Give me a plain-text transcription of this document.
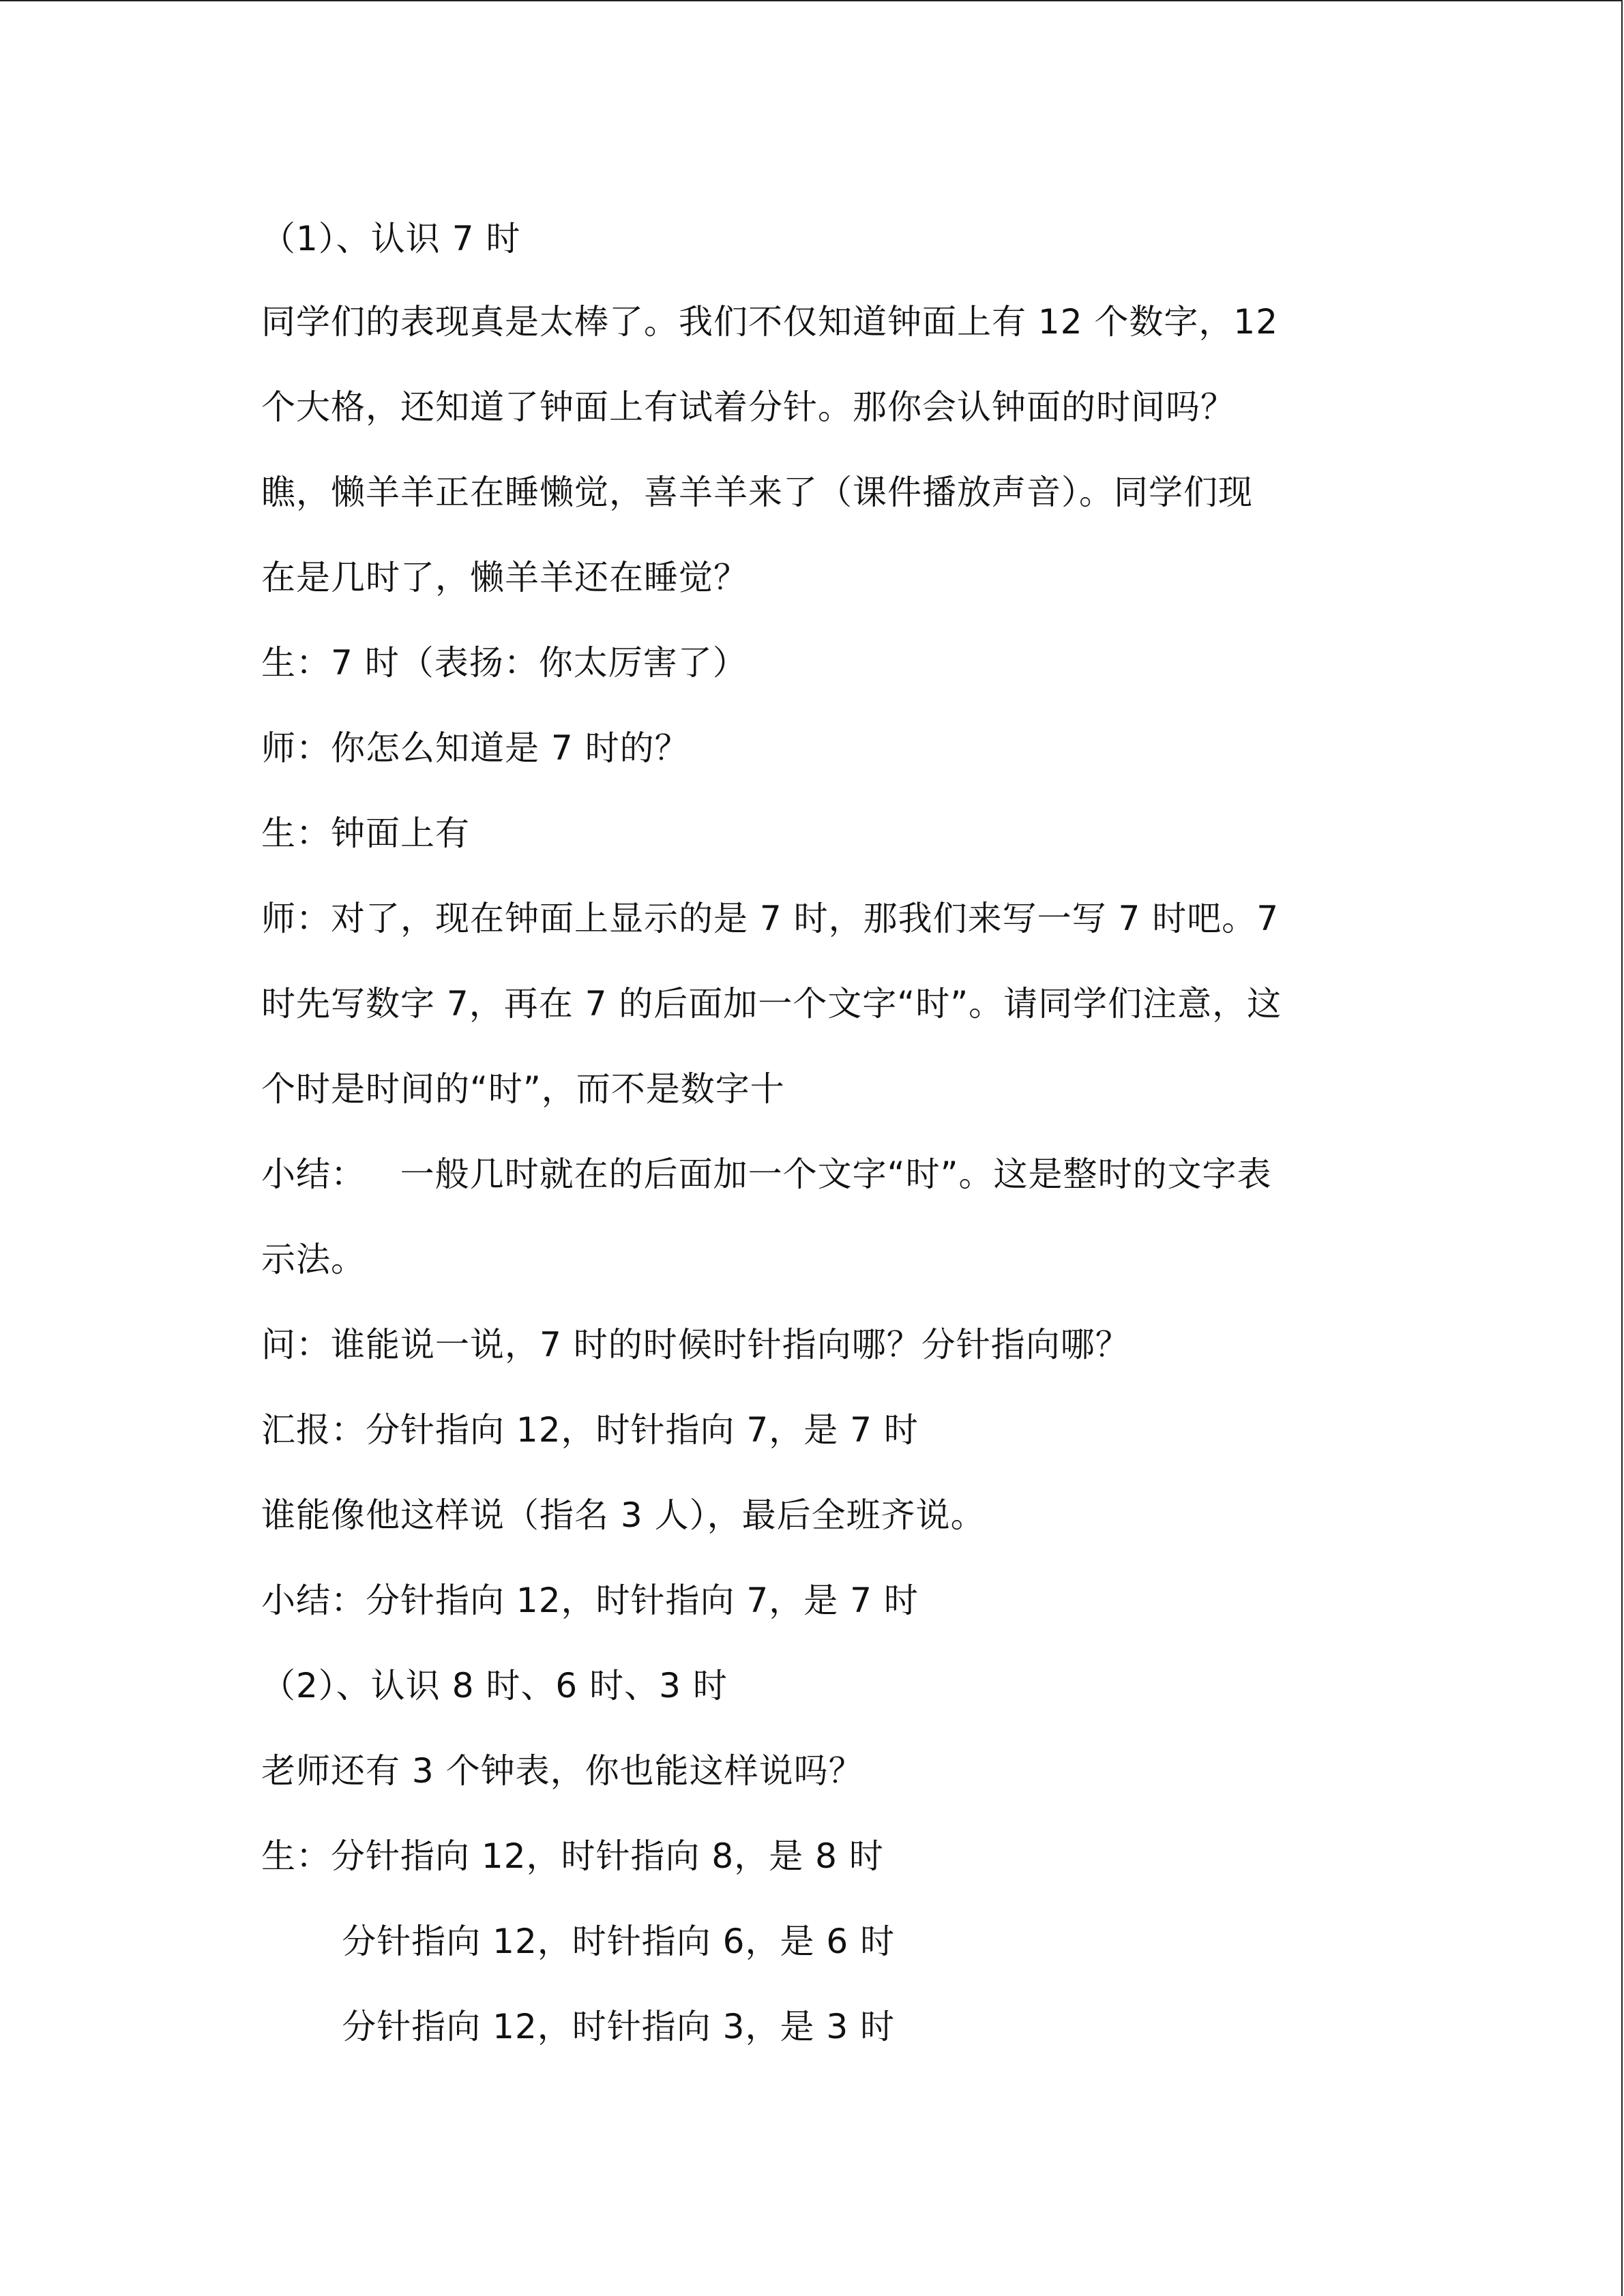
（1）、认识 7 时
同学们的表现真是太棒了。我们不仅知道钟面上有 12 个数字，12
个大格，还知道了钟面上有试着分针。那你会认钟面的时间吗？
瞧，懒羊羊正在睡懒觉，喜羊羊来了（课件播放声音）。同学们现
在是几时了，懒羊羊还在睡觉？
生：7 时（表扬：你太厉害了）
师：你怎么知道是 7 时的？
生：钟面上有
师：对了，现在钟面上显示的是 7 时，那我们来写一写 7 时吧。7
时先写数字 7，再在 7 的后面加一个文字“时”。请同学们注意，这
个时是时间的“时”，而不是数字十
小结：   一般几时就在的后面加一个文字“时”。这是整时的文字表
示法。
问：谁能说一说，7 时的时候时针指向哪？分针指向哪？
汇报：分针指向 12，时针指向 7，是 7 时
谁能像他这样说（指名 3 人），最后全班齐说。
小结：分针指向 12，时针指向 7，是 7 时
（2）、认识 8 时、6 时、3 时
老师还有 3 个钟表，你也能这样说吗？
生：分针指向 12，时针指向 8，是 8 时
分针指向 12，时针指向 6，是 6 时
分针指向 12，时针指向 3，是 3 时
